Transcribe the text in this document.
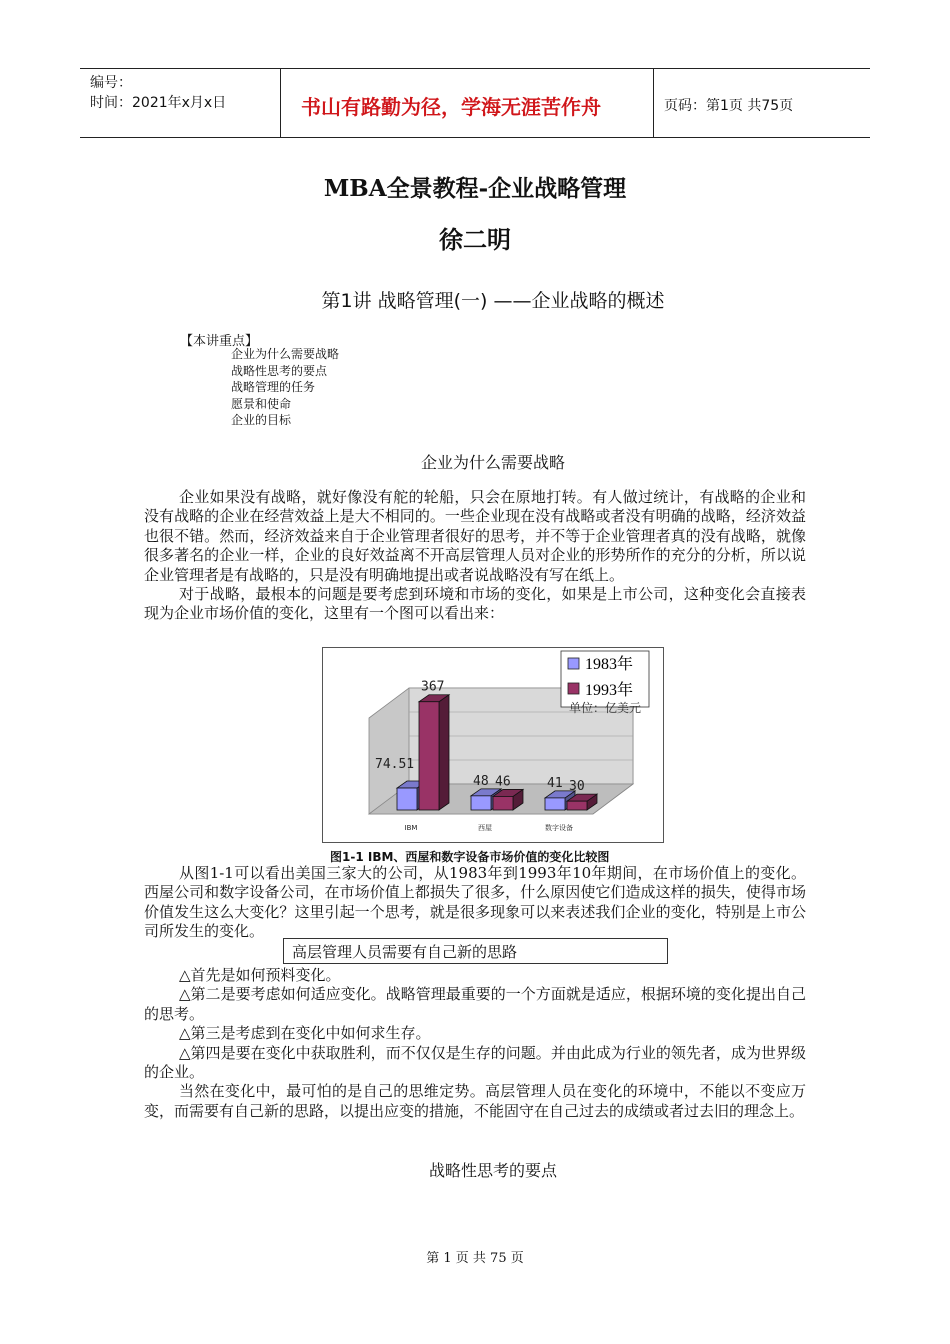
编号：
时间：2021年x月x日	书山有路勤为径，学海无涯苦作舟	页码：第1页 共75页
MBA全景教程-企业战略管理
徐二明
第1讲 战略管理(一) ——企业战略的概述
【本讲重点】
企业为什么需要战略
战略性思考的要点
战略管理的任务
愿景和使命
企业的目标
企业为什么需要战略

企业如果没有战略，就好像没有舵的轮船，只会在原地打转。有人做过统计，有战略的企业和没有战略的企业在经营效益上是大不相同的。一些企业现在没有战略或者没有明确的战略，经济效益也很不错。然而，经济效益来自于企业管理者很好的思考，并不等于企业管理者真的没有战略，就像很多著名的企业一样，企业的良好效益离不开高层管理人员对企业的形势所作的充分的分析，所以说企业管理者是有战略的，只是没有明确地提出或者说战略没有写在纸上。

对于战略，最根本的问题是要考虑到环境和市场的变化，如果是上市公司，这种变化会直接表现为企业市场价值的变化，这里有一个图可以看出来：

74.51
367
48 46	41 30
IBM	西屋	数字设备
1983年
1993年
单位：亿美元
图1-1 IBM、西屋和数字设备市场价值的变化比较图

从图1-1可以看出美国三家大的公司，从1983年到1993年10年期间，在市场价值上的变化。西屋公司和数字设备公司，在市场价值上都损失了很多，什么原因使它们造成这样的损失，使得市场价值发生这么大变化？这里引起一个思考，就是很多现象可以来表述我们企业的变化，特别是上市公司所发生的变化。

高层管理人员需要有自己新的思路

△首先是如何预料变化。

△第二是要考虑如何适应变化。战略管理最重要的一个方面就是适应，根据环境的变化提出自己的思考。

△第三是考虑到在变化中如何求生存。

△第四是要在变化中获取胜利，而不仅仅是生存的问题。并由此成为行业的领先者，成为世界级的企业。

当然在变化中，最可怕的是自己的思维定势。高层管理人员在变化的环境中，不能以不变应万变，而需要有自己新的思路，以提出应变的措施，不能固守在自己过去的成绩或者过去旧的理念上。

战略性思考的要点
第 1 页 共 75 页
